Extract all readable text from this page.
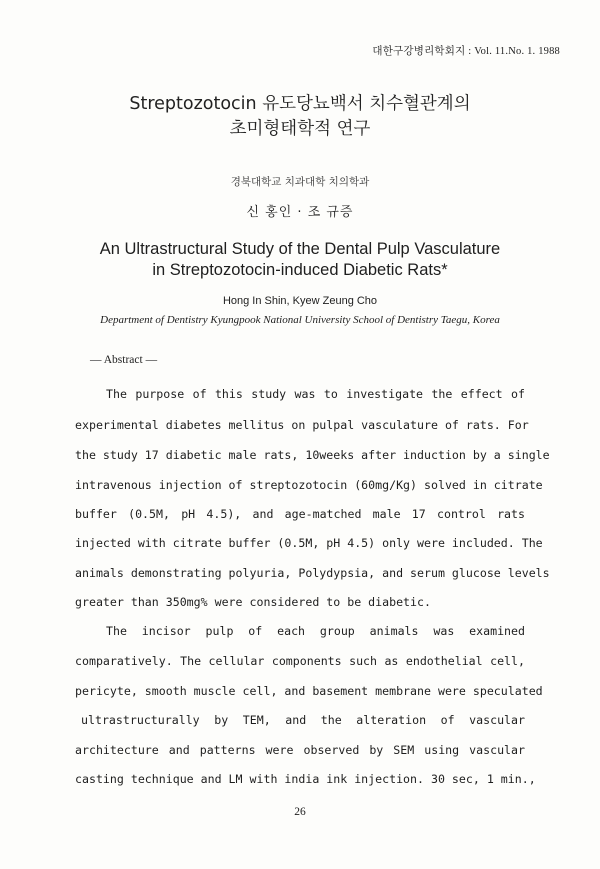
대한구강병리학회지 : Vol. 11.No. 1. 1988
Streptozotocin 유도당뇨백서 치수혈관계의
초미형태학적 연구
경북대학교 치과대학 치의학과
신 홍인 · 조 규증
An Ultrastructural Study of the Dental Pulp Vasculature
in Streptozotocin-induced Diabetic Rats*
Hong In Shin, Kyew Zeung Cho
Department of Dentistry Kyungpook National University School of Dentistry Taegu, Korea
— Abstract —
The purpose of this study was to investigate the effect of
experimental diabetes mellitus on pulpal vasculature of rats. For
the study 17 diabetic male rats, 10weeks after induction by a single
intravenous injection of streptozotocin (60mg/Kg) solved in citrate
buffer (0.5M, pH 4.5), and age-matched male 17 control rats
injected with citrate buffer (0.5M, pH 4.5) only were included. The
animals demonstrating polyuria, Polydypsia, and serum glucose levels
greater than 350mg% were considered to be diabetic.
The incisor pulp of each group animals was examined
comparatively. The cellular components such as endothelial cell,
pericyte, smooth muscle cell, and basement membrane were speculated
ultrastructurally by TEM, and the alteration of vascular
architecture and patterns were observed by SEM using vascular
casting technique and LM with india ink injection. 30 sec, 1 min.,
26
